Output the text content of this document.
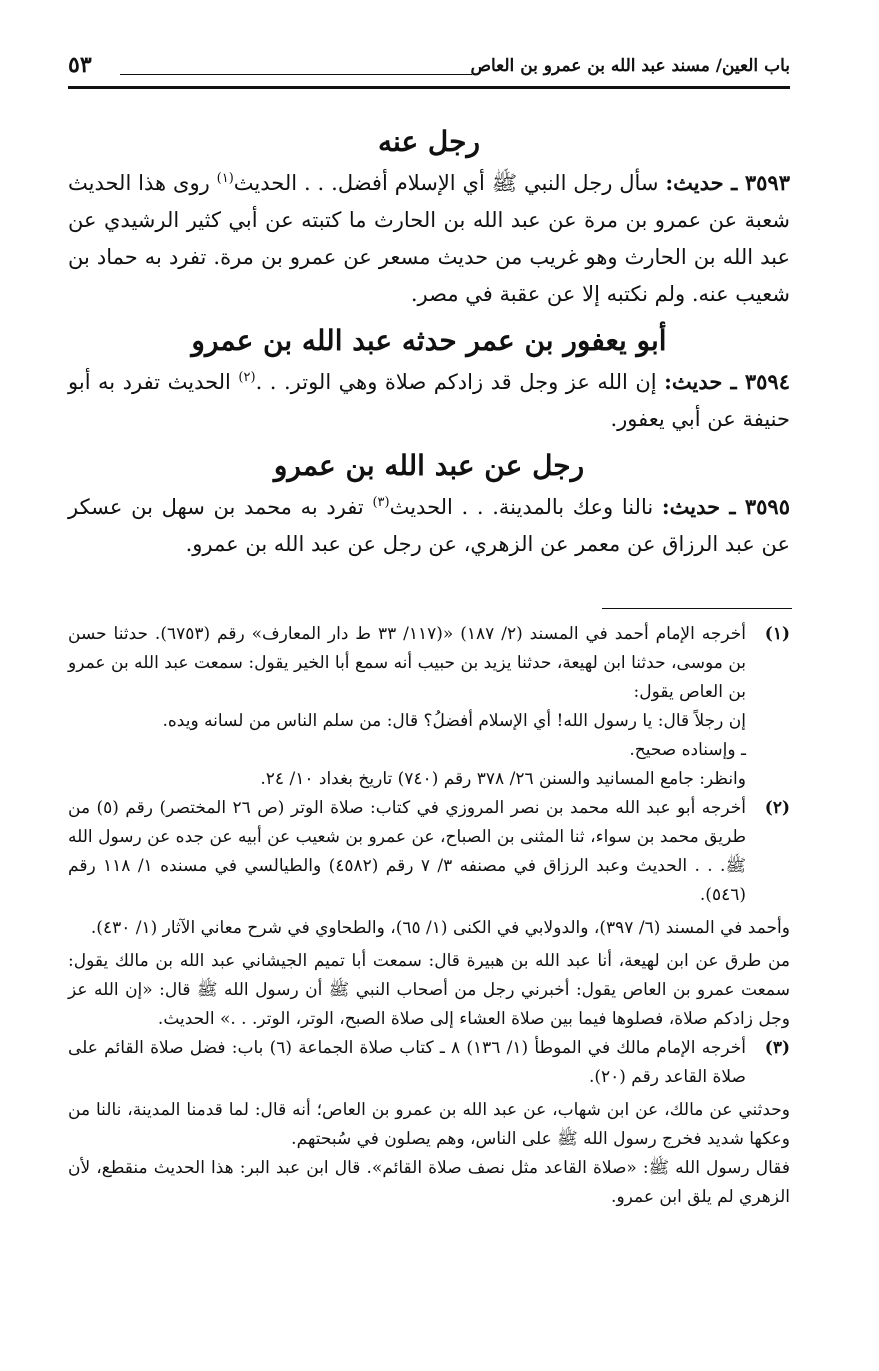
باب العين/ مسند عبد الله بن عمرو بن العاص
٥٣
رجل عنه

٣٥٩٣ ـ حديث: سأل رجل النبي ﷺ أي الإسلام أفضل. . . الحديث$^{(١)}$ روى هذا الحديث شعبة عن عمرو بن مرة عن عبد الله بن الحارث ما كتبته عن أبي كثير الرشيدي عن عبد الله بن الحارث وهو غريب من حديث مسعر عن عمرو بن مرة. تفرد به حماد بن شعيب عنه. ولم نكتبه إلا عن عقبة في مصر.

أبو يعفور بن عمر حدثه عبد الله بن عمرو

٣٥٩٤ ـ حديث: إن الله عز وجل قد زادكم صلاة وهي الوتر. . .$^{(٢)}$ الحديث تفرد به أبو حنيفة عن أبي يعفور.

رجل عن عبد الله بن عمرو

٣٥٩٥ ـ حديث: نالنا وعك بالمدينة. . . الحديث$^{(٣)}$ تفرد به محمد بن سهل بن عسكر عن عبد الرزاق عن معمر عن الزهري، عن رجل عن عبد الله بن عمرو.

(١)

أخرجه الإمام أحمد في المسند (٢/ ١٨٧) «(١١٧/ ٣٣ ط دار المعارف» رقم (٦٧٥٣). حدثنا حسن بن موسى، حدثنا ابن لهيعة، حدثنا يزيد بن حبيب أنه سمع أبا الخير يقول: سمعت عبد الله بن عمرو بن العاص يقول:

إن رجلاً قال: يا رسول الله! أي الإسلام أفضلُ؟ قال: من سلم الناس من لسانه ويده.

ـ وإسناده صحيح.

وانظر: جامع المسانيد والسنن ٢٦/ ٣٧٨ رقم (٧٤٠) تاريخ بغداد ١٠/ ٢٤.

(٢)

أخرجه أبو عبد الله محمد بن نصر المروزي في كتاب: صلاة الوتر (ص ٢٦ المختصر) رقم (٥) من طريق محمد بن سواء، ثنا المثنى بن الصباح، عن عمرو بن شعيب عن أبيه عن جده عن رسول الله ﷺ. . . الحديث وعبد الرزاق في مصنفه ٣/ ٧ رقم (٤٥٨٢) والطيالسي في مسنده ١/ ١١٨ رقم (٥٤٦).

وأحمد في المسند (٦/ ٣٩٧)، والدولابي في الكنى (١/ ٦٥)، والطحاوي في شرح معاني الآثار (١/ ٤٣٠).

من طرق عن ابن لهيعة، أنا عبد الله بن هبيرة قال: سمعت أبا تميم الجيشاني عبد الله بن مالك يقول: سمعت عمرو بن العاص يقول: أخبرني رجل من أصحاب النبي ﷺ أن رسول الله ﷺ قال: «إن الله عز وجل زادكم صلاة، فصلوها فيما بين صلاة العشاء إلى صلاة الصبح، الوتر، الوتر. . .» الحديث.

(٣)

أخرجه الإمام مالك في الموطأ (١/ ١٣٦) ٨ ـ كتاب صلاة الجماعة (٦) باب: فضل صلاة القائم على صلاة القاعد رقم (٢٠).

وحدثني عن مالك، عن ابن شهاب، عن عبد الله بن عمرو بن العاص؛ أنه قال: لما قدمنا المدينة، نالنا من وعكها شديد فخرج رسول الله ﷺ على الناس، وهم يصلون في سُبحتهم.

فقال رسول الله ﷺ: «صلاة القاعد مثل نصف صلاة القائم». قال ابن عبد البر: هذا الحديث منقطع، لأن الزهري لم يلق ابن عمرو.
